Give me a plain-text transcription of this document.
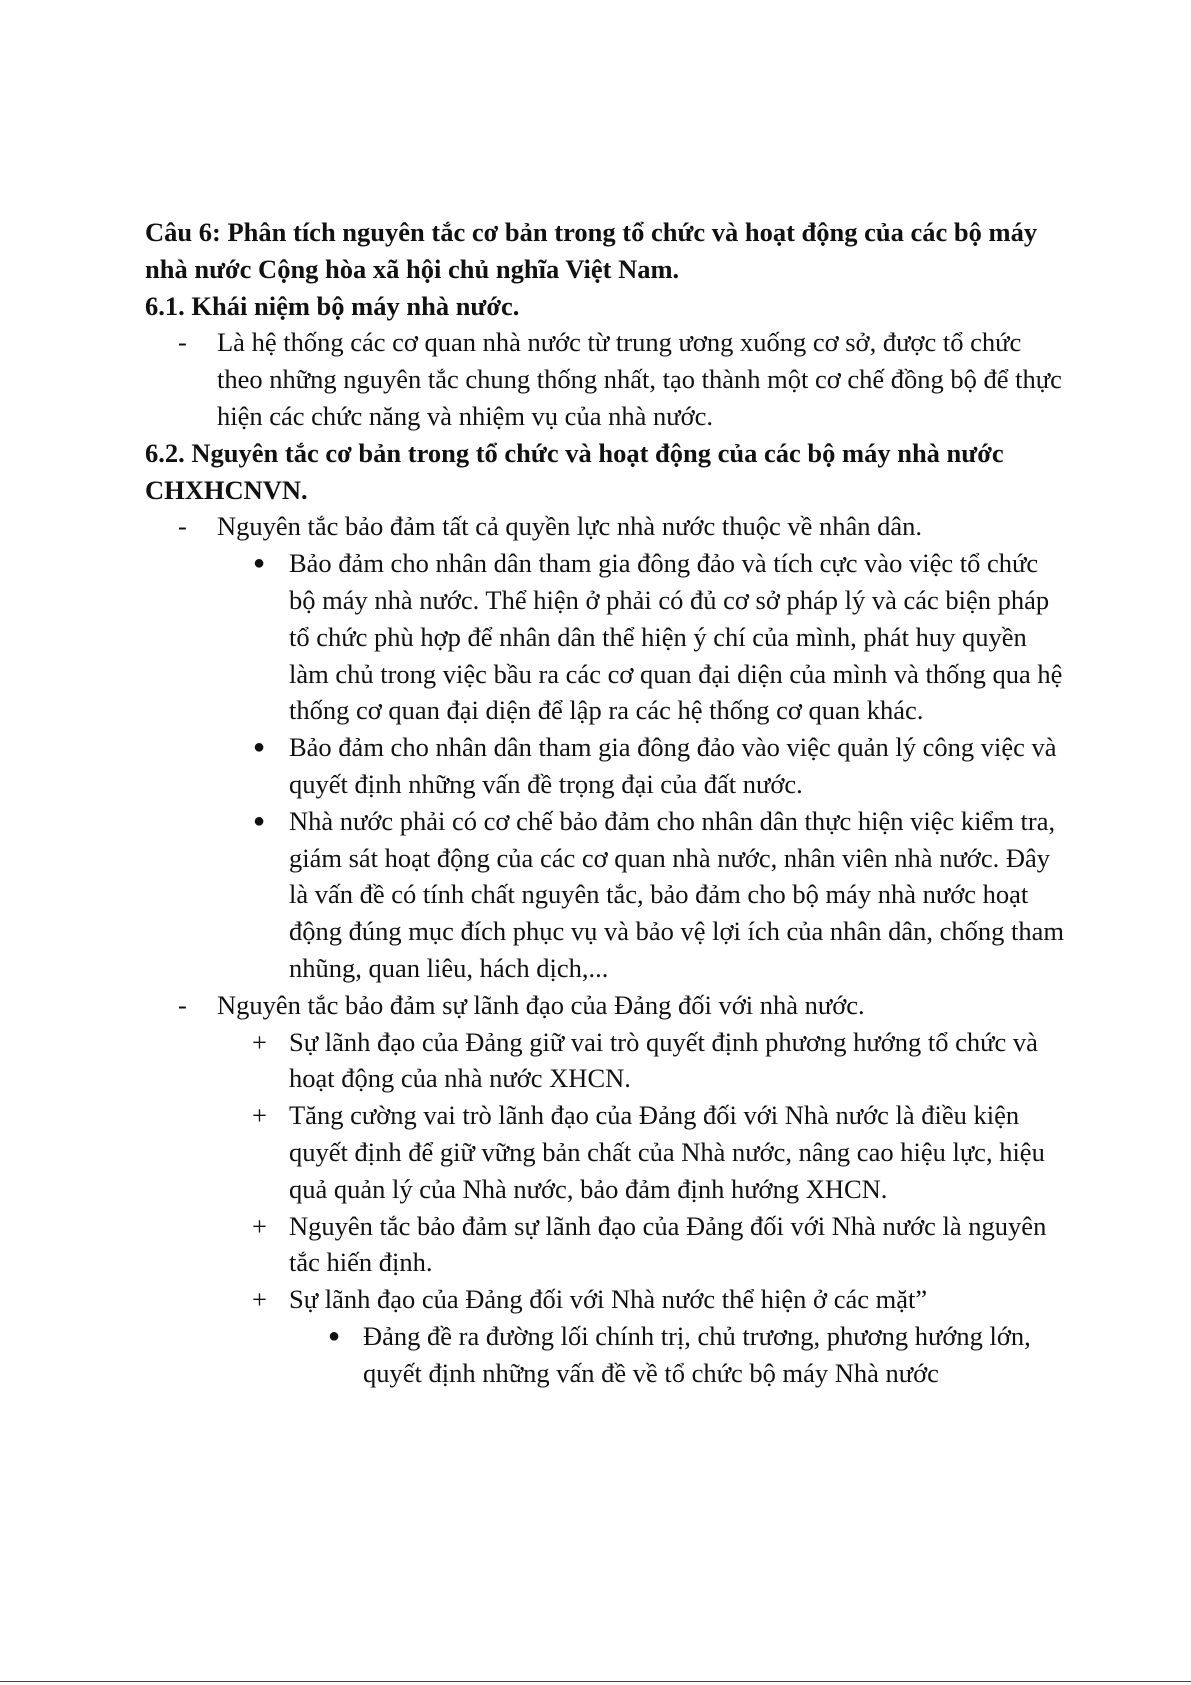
Câu 6: Phân tích nguyên tắc cơ bản trong tổ chức và hoạt động của các bộ máy nhà nước Cộng hòa xã hội chủ nghĩa Việt Nam.

6.1. Khái niệm bộ máy nhà nước.

- Là hệ thống các cơ quan nhà nước từ trung ương xuống cơ sở, được tổ chức theo những nguyên tắc chung thống nhất, tạo thành một cơ chế đồng bộ để thực hiện các chức năng và nhiệm vụ của nhà nước.

6.2. Nguyên tắc cơ bản trong tổ chức và hoạt động của các bộ máy nhà nước CHXHCNVN.

- Nguyên tắc bảo đảm tất cả quyền lực nhà nước thuộc về nhân dân.
● Bảo đảm cho nhân dân tham gia đông đảo và tích cực vào việc tổ chức bộ máy nhà nước. Thể hiện ở phải có đủ cơ sở pháp lý và các biện pháp tổ chức phù hợp để nhân dân thể hiện ý chí của mình, phát huy quyền làm chủ trong việc bầu ra các cơ quan đại diện của mình và thống qua hệ thống cơ quan đại diện để lập ra các hệ thống cơ quan khác.
● Bảo đảm cho nhân dân tham gia đông đảo vào việc quản lý công việc và quyết định những vấn đề trọng đại của đất nước.
● Nhà nước phải có cơ chế bảo đảm cho nhân dân thực hiện việc kiểm tra, giám sát hoạt động của các cơ quan nhà nước, nhân viên nhà nước. Đây là vấn đề có tính chất nguyên tắc, bảo đảm cho bộ máy nhà nước hoạt động đúng mục đích phục vụ và bảo vệ lợi ích của nhân dân, chống tham nhũng, quan liêu, hách dịch,...
- Nguyên tắc bảo đảm sự lãnh đạo của Đảng đối với nhà nước.
+ Sự lãnh đạo của Đảng giữ vai trò quyết định phương hướng tổ chức và hoạt động của nhà nước XHCN.
+ Tăng cường vai trò lãnh đạo của Đảng đối với Nhà nước là điều kiện quyết định để giữ vững bản chất của Nhà nước, nâng cao hiệu lực, hiệu quả quản lý của Nhà nước, bảo đảm định hướng XHCN.
+ Nguyên tắc bảo đảm sự lãnh đạo của Đảng đối với Nhà nước là nguyên tắc hiến định.
+ Sự lãnh đạo của Đảng đối với Nhà nước thể hiện ở các mặt”
● Đảng đề ra đường lối chính trị, chủ trương, phương hướng lớn, quyết định những vấn đề về tổ chức bộ máy Nhà nước
